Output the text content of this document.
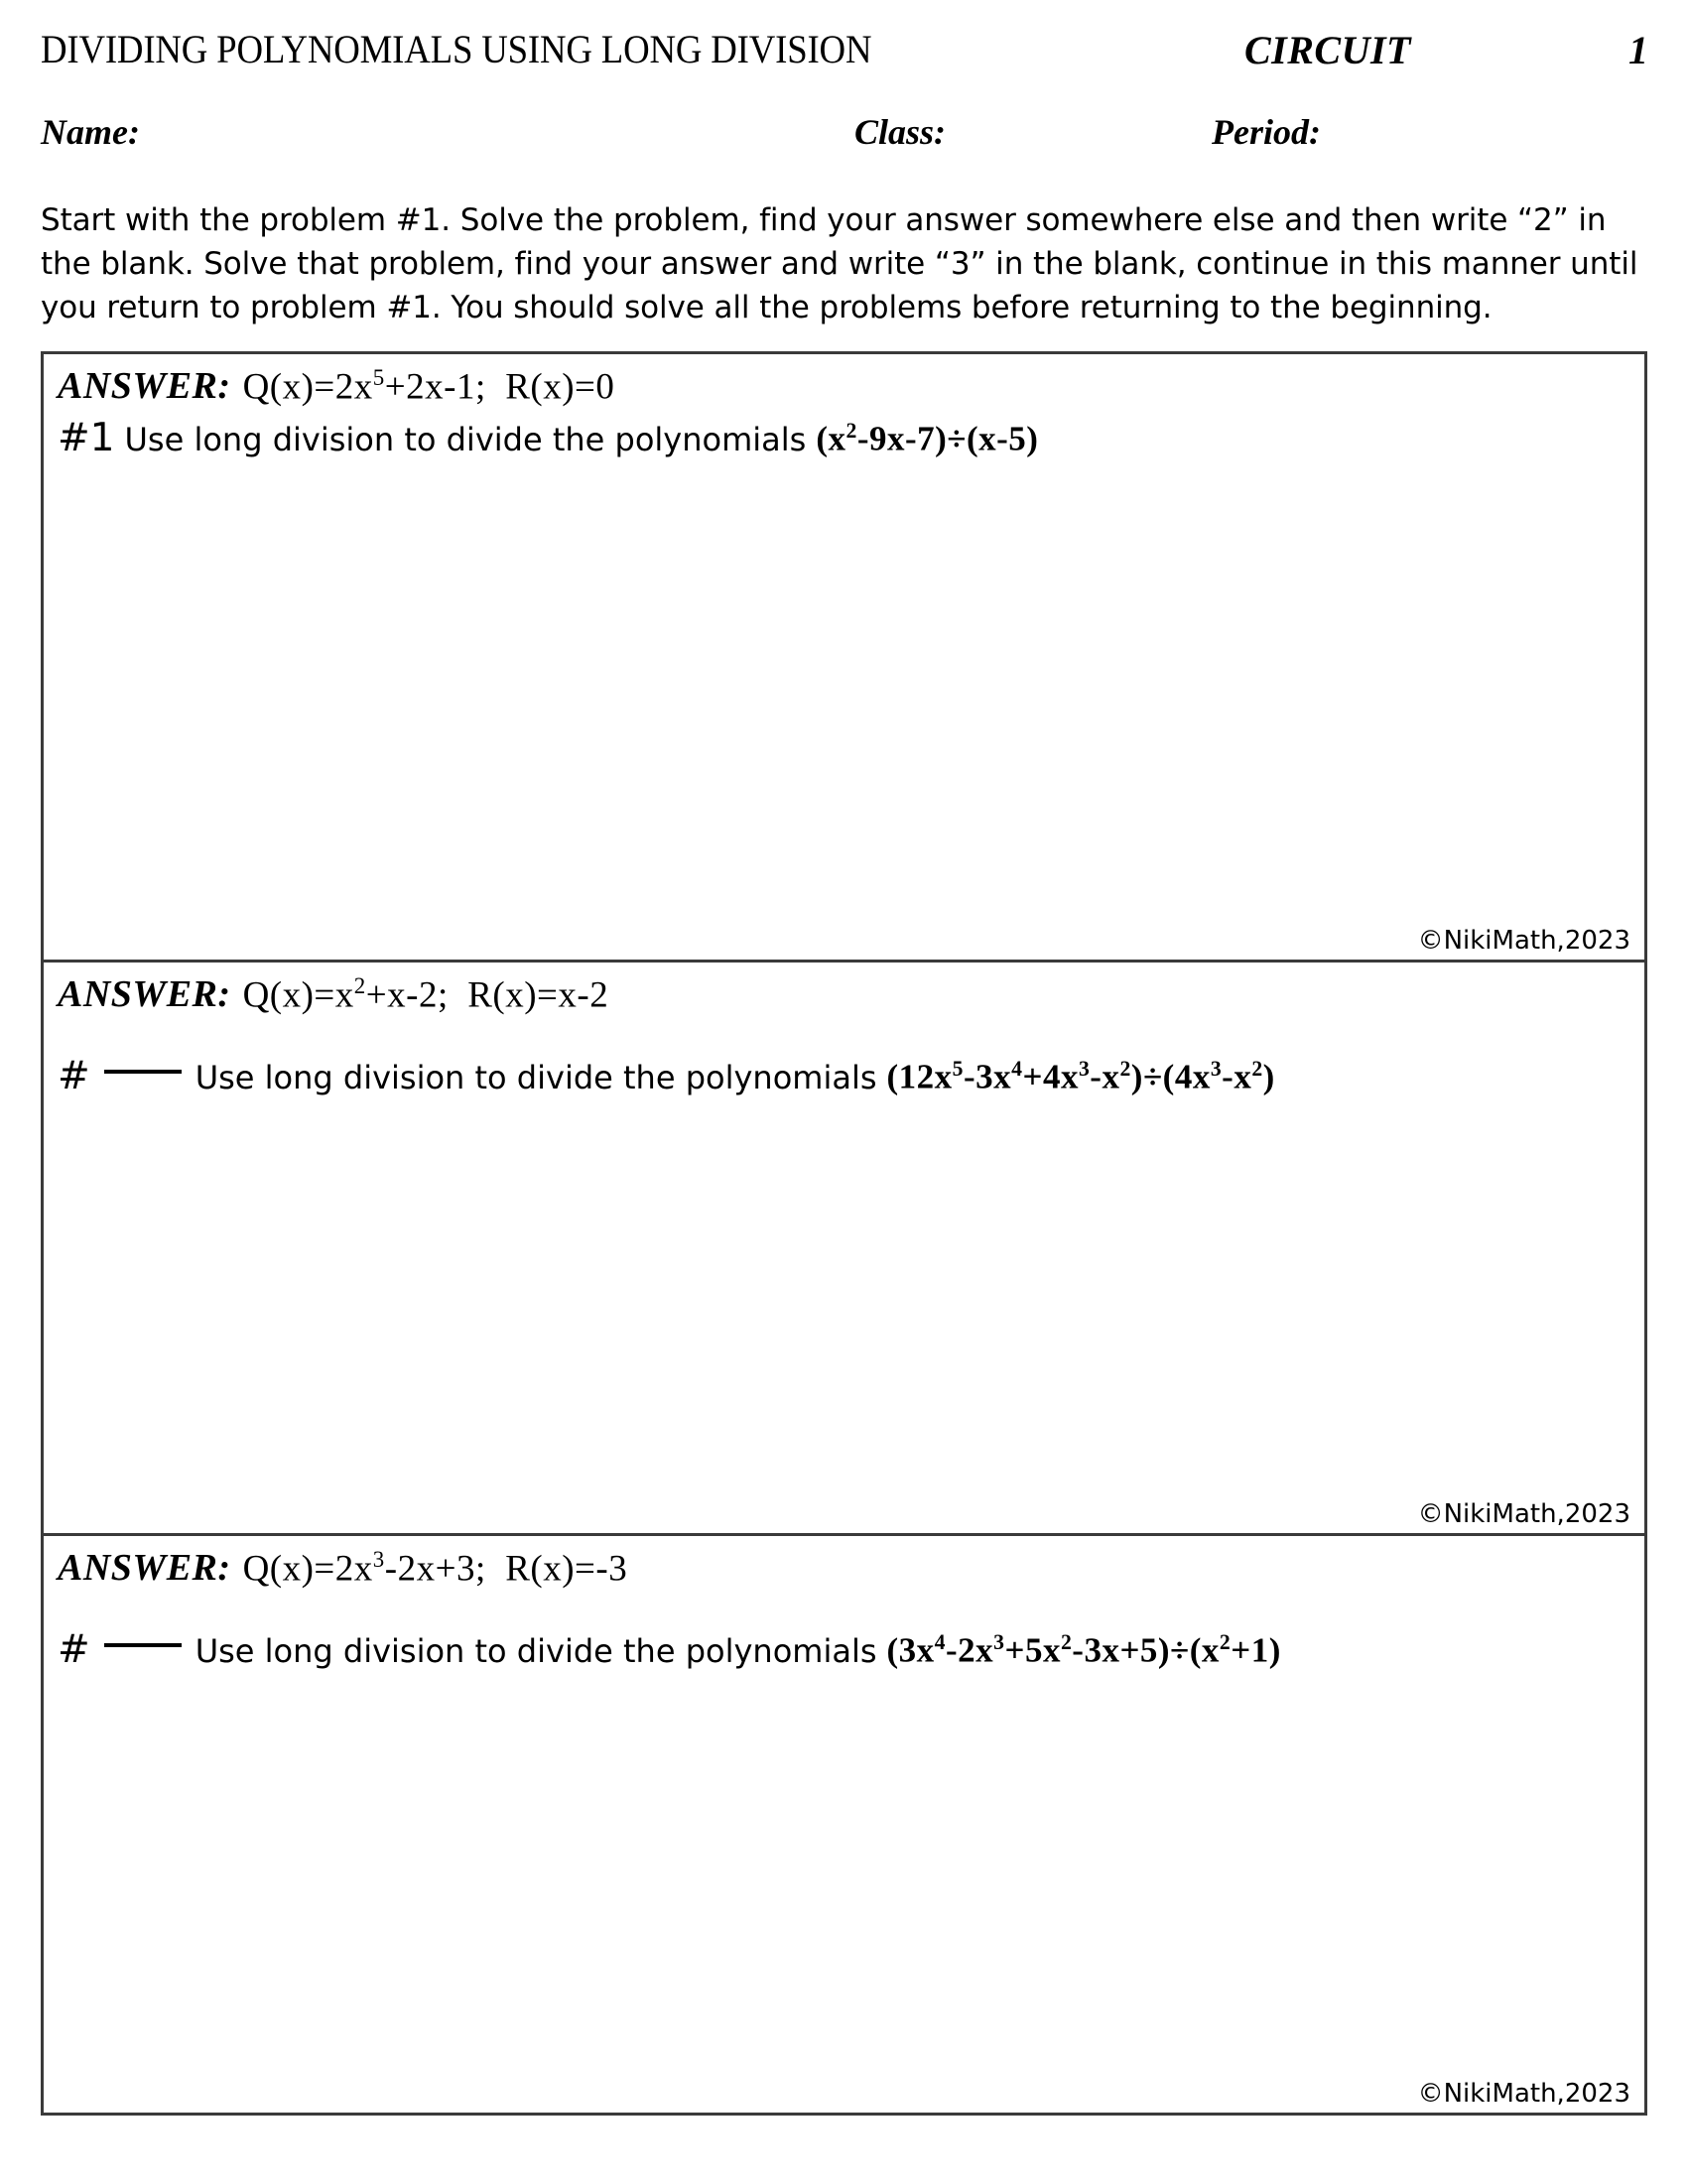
DIVIDING POLYNOMIALS USING LONG DIVISION	CIRCUIT	1
Name:	Class:	Period:
Start with the problem #1. Solve the problem, find your answer somewhere else and then write “2” in the blank. Solve that problem, find your answer and write “3” in the blank, continue in this manner until you return to problem #1. You should solve all the problems before returning to the beginning.
ANSWER: $Q(x)=2x^5+2x-1$; R(x)=0
#1 Use long division to divide the polynomials $(x^2-9x-7)\div(x-5)$
©NikiMath,2023
ANSWER: $Q(x)=x^2+x-2$; R(x)=x-2
#	Use long division to divide the polynomials $(12x^5-3x^4+4x^3-x^2)\div(4x^3-x^2)$
©NikiMath,2023
ANSWER: $Q(x)=2x^3-2x+3$; R(x)=-3
#	Use long division to divide the polynomials $(3x^4-2x^3+5x^2-3x+5)\div(x^2+1)$
©NikiMath,2023
